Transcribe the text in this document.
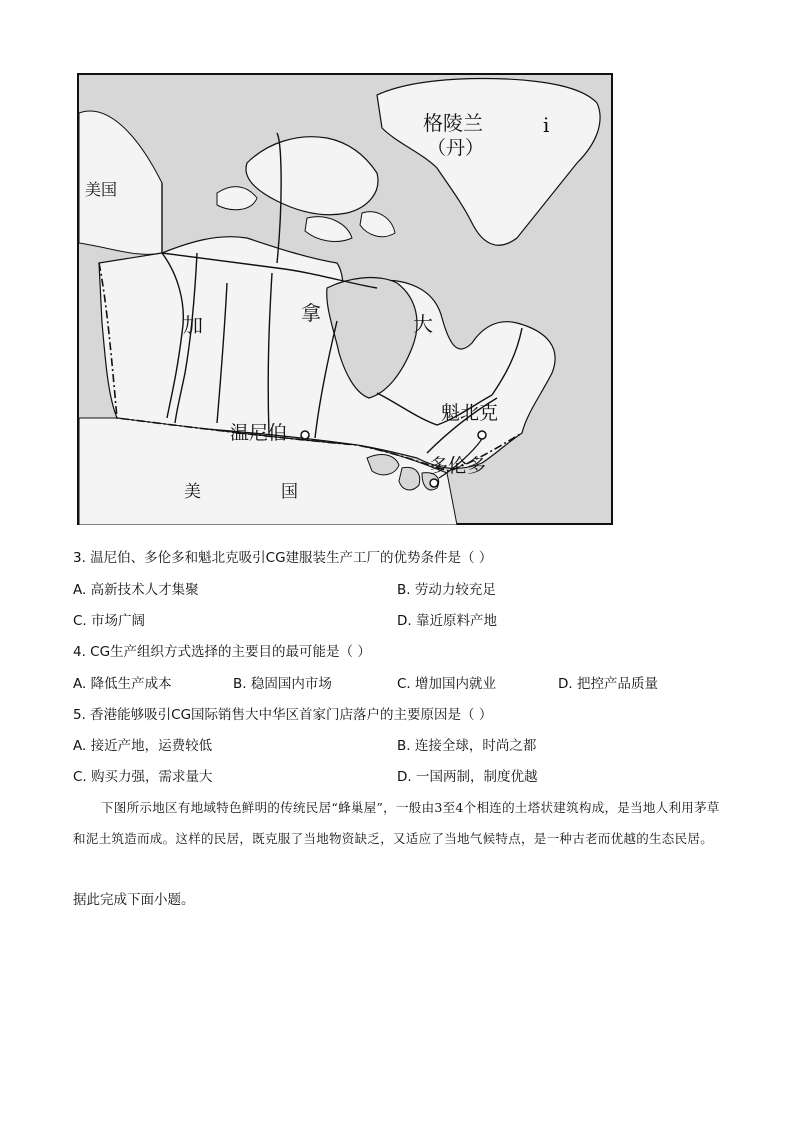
格陵兰
（丹）
i
美国
加	拿	大
温尼伯
魁北克
多伦多
美	国
3. 温尼伯、多伦多和魁北克吸引CG建服装生产工厂的优势条件是（ ）
A. 高新技术人才集聚	B. 劳动力较充足
C. 市场广阔	D. 靠近原料产地
4. CG生产组织方式选择的主要目的最可能是（ ）
A. 降低生产成本	B. 稳固国内市场	C. 增加国内就业	D. 把控产品质量
5. 香港能够吸引CG国际销售大中华区首家门店落户的主要原因是（ ）
A. 接近产地，运费较低	B. 连接全球，时尚之都
C. 购买力强，需求量大	D. 一国两制，制度优越
下图所示地区有地域特色鲜明的传统民居“蜂巢屋”，一般由3至4个相连的土塔状建筑构成，是当地人利用茅草和泥土筑造而成。这样的民居，既克服了当地物资缺乏，又适应了当地气候特点，是一种古老而优越的生态民居。
据此完成下面小题。
